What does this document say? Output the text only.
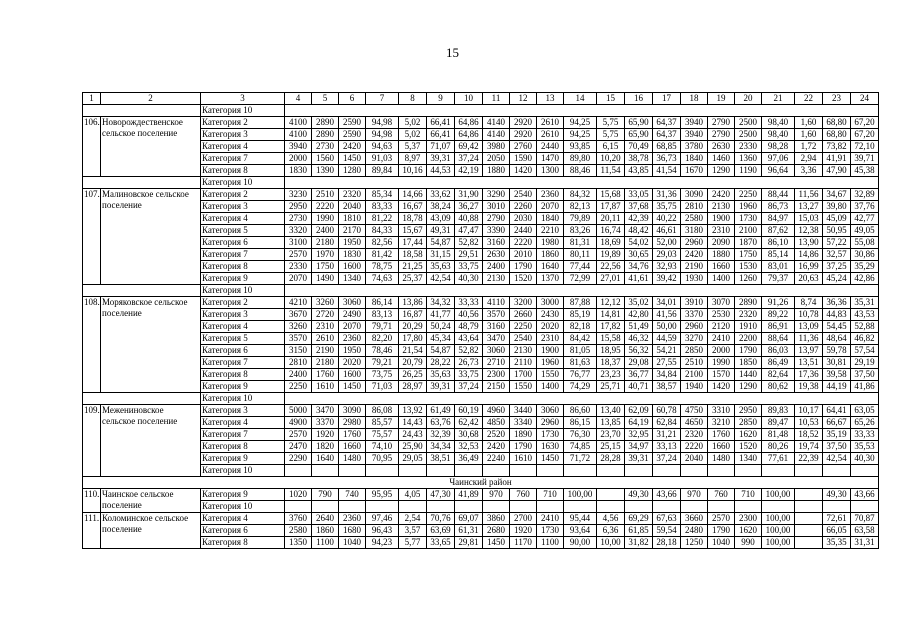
15
1	2	3	4	5	6	7	8	9	10	11	12	13	14	15	16	17	18	19	20	21	22	23	24
		Категория 10																					
106.	Новорождественское сельское поселение	Категория 2	4100	2890	2590	94,98	5,02	66,41	64,86	4140	2920	2610	94,25	5,75	65,90	64,37	3940	2790	2500	98,40	1,60	68,80	67,20
		Категория 3	4100	2890	2590	94,98	5,02	66,41	64,86	4140	2920	2610	94,25	5,75	65,90	64,37	3940	2790	2500	98,40	1,60	68,80	67,20
		Категория 4	3940	2730	2420	94,63	5,37	71,07	69,42	3980	2760	2440	93,85	6,15	70,49	68,85	3780	2630	2330	98,28	1,72	73,82	72,10
		Категория 7	2000	1560	1450	91,03	8,97	39,31	37,24	2050	1590	1470	89,80	10,20	38,78	36,73	1840	1460	1360	97,06	2,94	41,91	39,71
		Категория 8	1830	1390	1280	89,84	10,16	44,53	42,19	1880	1420	1300	88,46	11,54	43,85	41,54	1670	1290	1190	96,64	3,36	47,90	45,38
		Категория 10																					
107.	Малиновское сельское поселение	Категория 2	3230	2510	2320	85,34	14,66	33,62	31,90	3290	2540	2360	84,32	15,68	33,05	31,36	3090	2420	2250	88,44	11,56	34,67	32,89
		Категория 3	2950	2220	2040	83,33	16,67	38,24	36,27	3010	2260	2070	82,13	17,87	37,68	35,75	2810	2130	1960	86,73	13,27	39,80	37,76
		Категория 4	2730	1990	1810	81,22	18,78	43,09	40,88	2790	2030	1840	79,89	20,11	42,39	40,22	2580	1900	1730	84,97	15,03	45,09	42,77
		Категория 5	3320	2400	2170	84,33	15,67	49,31	47,47	3390	2440	2210	83,26	16,74	48,42	46,61	3180	2310	2100	87,62	12,38	50,95	49,05
		Категория 6	3100	2180	1950	82,56	17,44	54,87	52,82	3160	2220	1980	81,31	18,69	54,02	52,00	2960	2090	1870	86,10	13,90	57,22	55,08
		Категория 7	2570	1970	1830	81,42	18,58	31,15	29,51	2630	2010	1860	80,11	19,89	30,65	29,03	2420	1880	1750	85,14	14,86	32,57	30,86
		Категория 8	2330	1750	1600	78,75	21,25	35,63	33,75	2400	1790	1640	77,44	22,56	34,76	32,93	2190	1660	1530	83,01	16,99	37,25	35,29
		Категория 9	2070	1490	1340	74,63	25,37	42,54	40,30	2130	1520	1370	72,99	27,01	41,61	39,42	1930	1400	1260	79,37	20,63	45,24	42,86
		Категория 10																					
108.	Моряковское сельское поселение	Категория 2	4210	3260	3060	86,14	13,86	34,32	33,33	4110	3200	3000	87,88	12,12	35,02	34,01	3910	3070	2890	91,26	8,74	36,36	35,31
		Категория 3	3670	2720	2490	83,13	16,87	41,77	40,56	3570	2660	2430	85,19	14,81	42,80	41,56	3370	2530	2320	89,22	10,78	44,83	43,53
		Категория 4	3260	2310	2070	79,71	20,29	50,24	48,79	3160	2250	2020	82,18	17,82	51,49	50,00	2960	2120	1910	86,91	13,09	54,45	52,88
		Категория 5	3570	2610	2360	82,20	17,80	45,34	43,64	3470	2540	2310	84,42	15,58	46,32	44,59	3270	2410	2200	88,64	11,36	48,64	46,82
		Категория 6	3150	2190	1950	78,46	21,54	54,87	52,82	3060	2130	1900	81,05	18,95	56,32	54,21	2850	2000	1790	86,03	13,97	59,78	57,54
		Категория 7	2810	2180	2020	79,21	20,79	28,22	26,73	2710	2110	1960	81,63	18,37	29,08	27,55	2510	1990	1850	86,49	13,51	30,81	29,19
		Категория 8	2400	1760	1600	73,75	26,25	35,63	33,75	2300	1700	1550	76,77	23,23	36,77	34,84	2100	1570	1440	82,64	17,36	39,58	37,50
		Категория 9	2250	1610	1450	71,03	28,97	39,31	37,24	2150	1550	1400	74,29	25,71	40,71	38,57	1940	1420	1290	80,62	19,38	44,19	41,86
		Категория 10																					
109.	Межениновское сельское поселение	Категория 3	5000	3470	3090	86,08	13,92	61,49	60,19	4960	3440	3060	86,60	13,40	62,09	60,78	4750	3310	2950	89,83	10,17	64,41	63,05
		Категория 4	4900	3370	2980	85,57	14,43	63,76	62,42	4850	3340	2960	86,15	13,85	64,19	62,84	4650	3210	2850	89,47	10,53	66,67	65,26
		Категория 7	2570	1920	1760	75,57	24,43	32,39	30,68	2520	1890	1730	76,30	23,70	32,95	31,21	2320	1760	1620	81,48	18,52	35,19	33,33
		Категория 8	2470	1820	1660	74,10	25,90	34,34	32,53	2420	1790	1630	74,85	25,15	34,97	33,13	2220	1660	1520	80,26	19,74	37,50	35,53
		Категория 9	2290	1640	1480	70,95	29,05	38,51	36,49	2240	1610	1450	71,72	28,28	39,31	37,24	2040	1480	1340	77,61	22,39	42,54	40,30
		Категория 10																					
Чаинский район																							
110.	Чаинское сельское поселение	Категория 9	1020	790	740	95,95	4,05	47,30	41,89	970	760	710	100,00		49,30	43,66	970	760	710	100,00		49,30	43,66
		Категория 10																					
111.	Коломинское сельское поселение	Категория 4	3760	2640	2360	97,46	2,54	70,76	69,07	3860	2700	2410	95,44	4,56	69,29	67,63	3660	2570	2300	100,00		72,61	70,87
		Категория 6	2580	1860	1680	96,43	3,57	63,69	61,31	2680	1920	1730	93,64	6,36	61,85	59,54	2480	1790	1620	100,00		66,05	63,58
		Категория 8	1350	1100	1040	94,23	5,77	33,65	29,81	1450	1170	1100	90,00	10,00	31,82	28,18	1250	1040	990	100,00		35,35	31,31
